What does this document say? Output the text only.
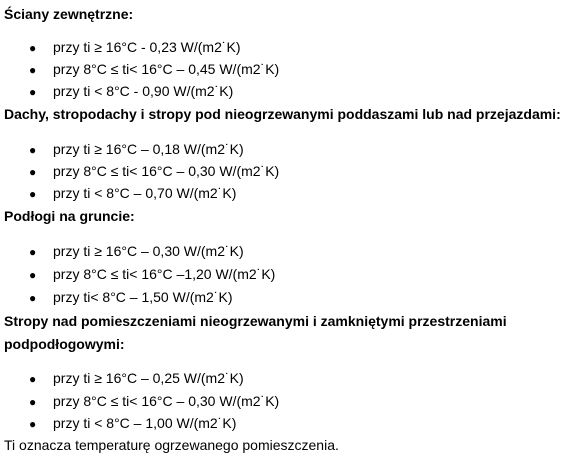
Ściany zewnętrzne:
● przy ti ≥ 16°C - 0,23 W/(m2˙K)
● przy 8°C ≤ ti< 16°C – 0,45 W/(m2˙K)
● przy ti < 8°C - 0,90 W/(m2˙K)
Dachy, stropodachy i stropy pod nieogrzewanymi poddaszami lub nad przejazdami:
● przy ti ≥ 16°C – 0,18 W/(m2˙K)
● przy 8°C ≤ ti< 16°C – 0,30 W/(m2˙K)
● przy ti < 8°C – 0,70 W/(m2˙K)
Podłogi na gruncie:
● przy ti ≥ 16°C – 0,30 W/(m2˙K)
● przy 8°C ≤ ti< 16°C –1,20 W/(m2˙K)
● przy ti< 8°C – 1,50 W/(m2˙K)
Stropy nad pomieszczeniami nieogrzewanymi i zamkniętymi przestrzeniami
podpodłogowymi:
● przy ti ≥ 16°C – 0,25 W/(m2˙K)
● przy 8°C ≤ ti< 16°C – 0,30 W/(m2˙K)
● przy ti < 8°C – 1,00 W/(m2˙K)
Ti oznacza temperaturę ogrzewanego pomieszczenia.
